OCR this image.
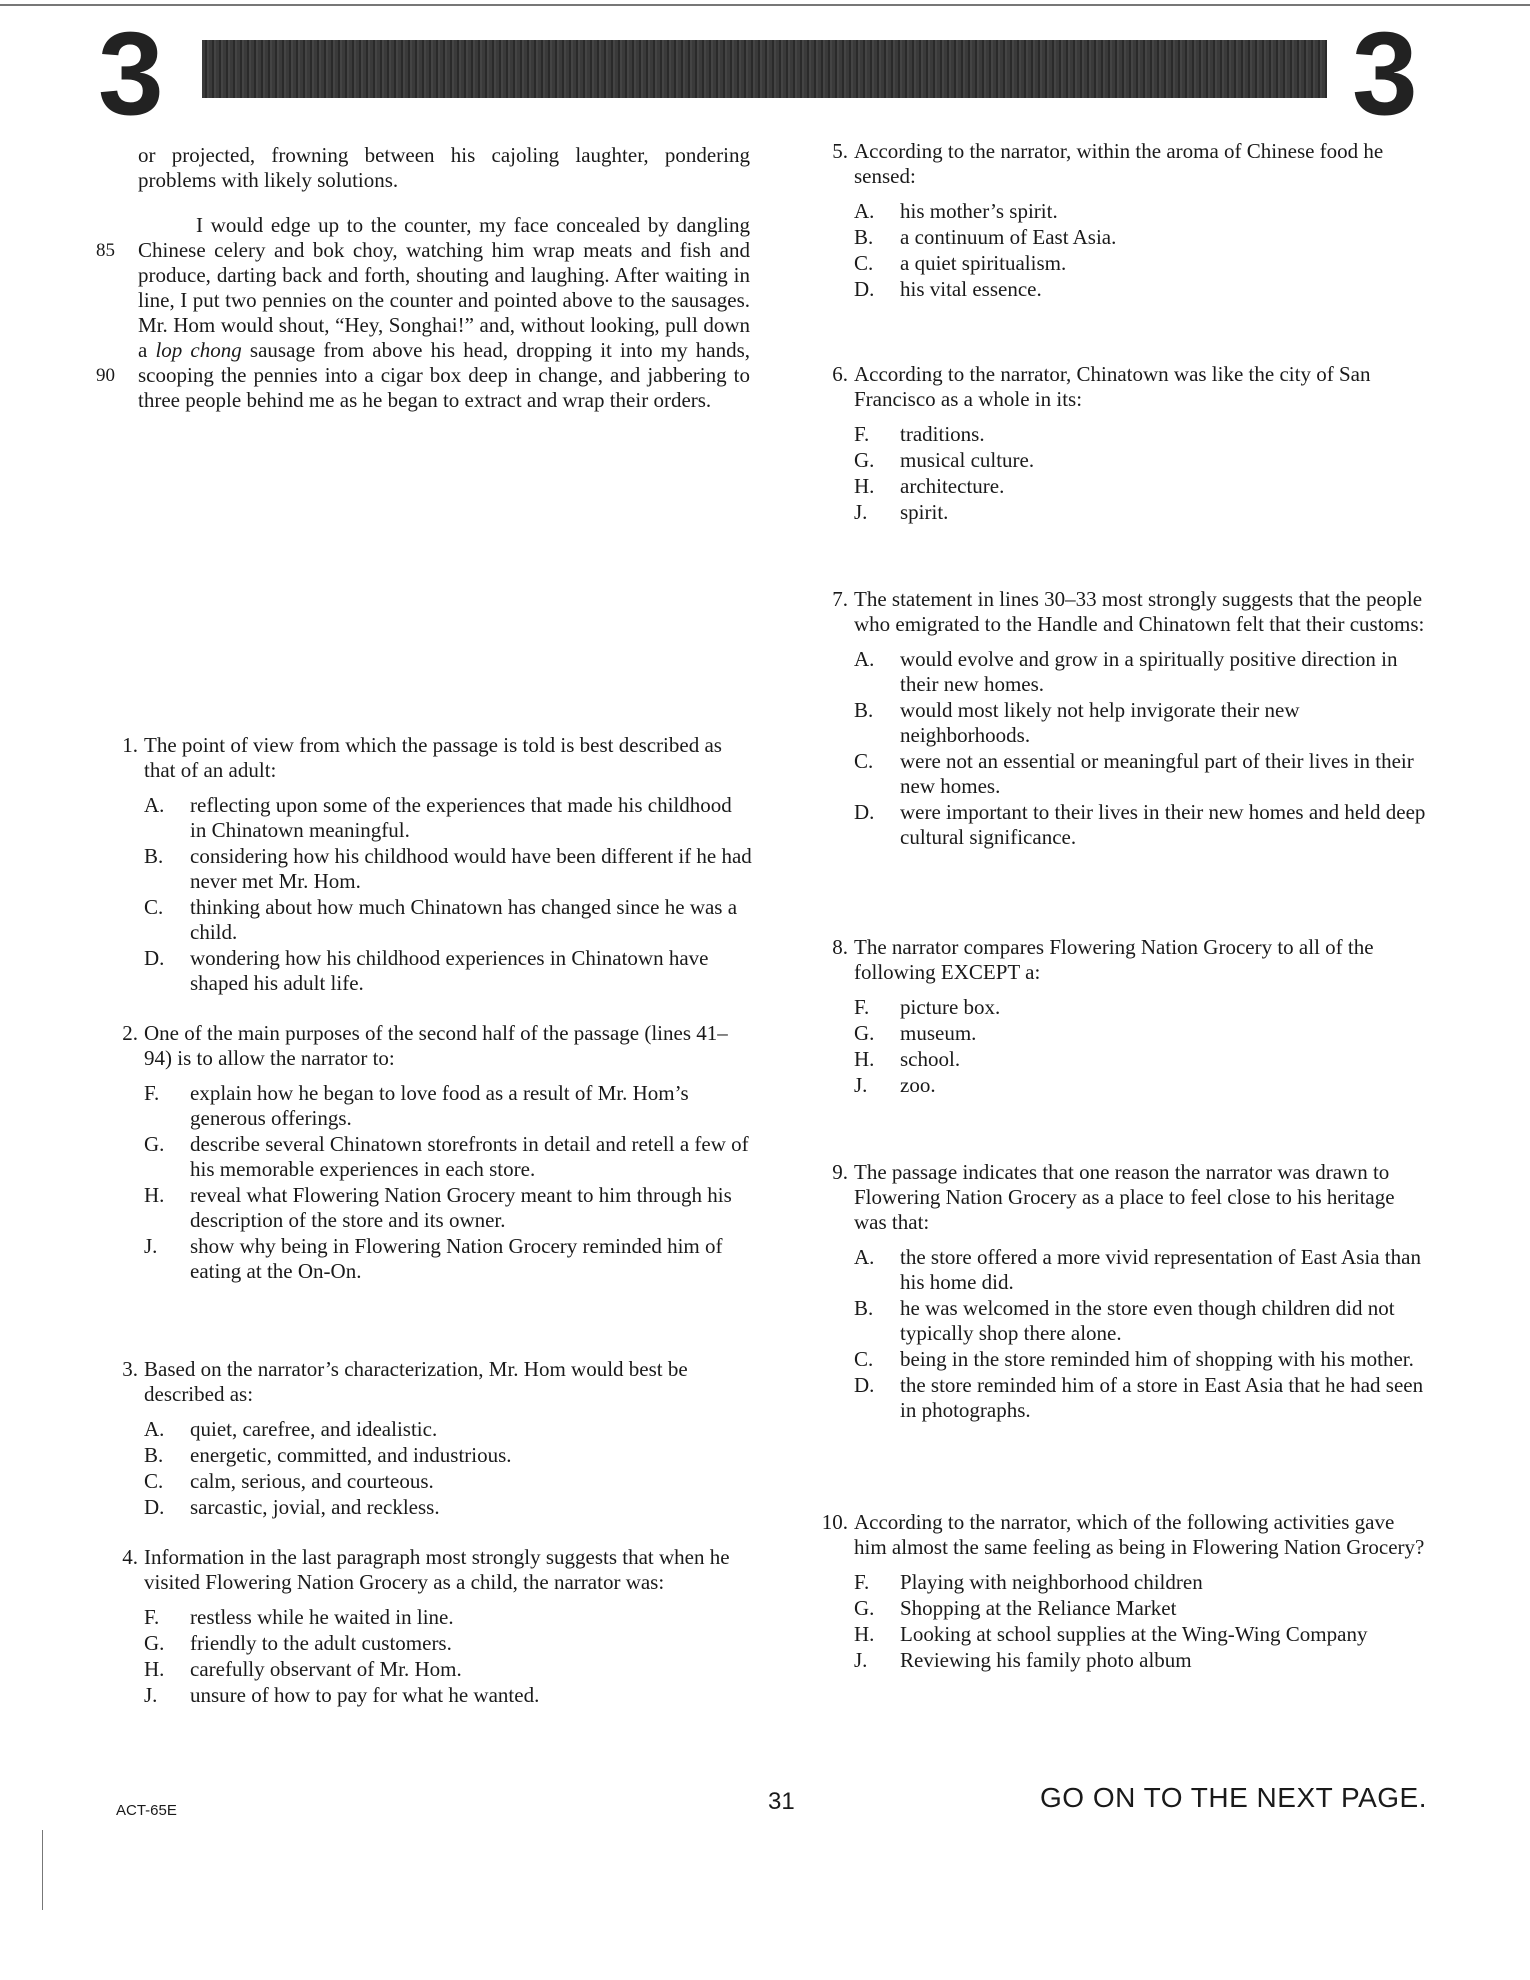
3	3

or projected, frowning between his cajoling laughter, pondering problems with likely solutions.

85
90

I would edge up to the counter, my face concealed by dangling Chinese celery and bok choy, watching him wrap meats and fish and produce, darting back and forth, shouting and laughing. After waiting in line, I put two pennies on the counter and pointed above to the sausages. Mr. Hom would shout, “Hey, Songhai!” and, without looking, pull down a lop chong sausage from above his head, dropping it into my hands, scooping the pennies into a cigar box deep in change, and jabbering to three people behind me as he began to extract and wrap their orders.

1. The point of view from which the passage is told is best described as that of an adult:
A.	reflecting upon some of the experiences that made his childhood in Chinatown meaningful.
B.	considering how his childhood would have been different if he had never met Mr. Hom.
C.	thinking about how much Chinatown has changed since he was a child.
D.	wondering how his childhood experiences in Chinatown have shaped his adult life.
2. One of the main purposes of the second half of the passage (lines 41–94) is to allow the narrator to:
F.	explain how he began to love food as a result of Mr. Hom’s generous offerings.
G.	describe several Chinatown storefronts in detail and retell a few of his memorable experiences in each store.
H.	reveal what Flowering Nation Grocery meant to him through his description of the store and its owner.
J.	show why being in Flowering Nation Grocery reminded him of eating at the On-On.
3. Based on the narrator’s characterization, Mr. Hom would best be described as:
A.	quiet, carefree, and idealistic.
B.	energetic, committed, and industrious.
C.	calm, serious, and courteous.
D.	sarcastic, jovial, and reckless.
4. Information in the last paragraph most strongly suggests that when he visited Flowering Nation Grocery as a child, the narrator was:
F.	restless while he waited in line.
G.	friendly to the adult customers.
H.	carefully observant of Mr. Hom.
J.	unsure of how to pay for what he wanted.
5. According to the narrator, within the aroma of Chinese food he sensed:
A.	his mother’s spirit.
B.	a continuum of East Asia.
C.	a quiet spiritualism.
D.	his vital essence.
6. According to the narrator, Chinatown was like the city of San Francisco as a whole in its:
F.	traditions.
G.	musical culture.
H.	architecture.
J.	spirit.
7. The statement in lines 30–33 most strongly suggests that the people who emigrated to the Handle and Chinatown felt that their customs:
A.	would evolve and grow in a spiritually positive direction in their new homes.
B.	would most likely not help invigorate their new neighborhoods.
C.	were not an essential or meaningful part of their lives in their new homes.
D.	were important to their lives in their new homes and held deep cultural significance.
8. The narrator compares Flowering Nation Grocery to all of the following EXCEPT a:
F.	picture box.
G.	museum.
H.	school.
J.	zoo.
9. The passage indicates that one reason the narrator was drawn to Flowering Nation Grocery as a place to feel close to his heritage was that:
A.	the store offered a more vivid representation of East Asia than his home did.
B.	he was welcomed in the store even though children did not typically shop there alone.
C.	being in the store reminded him of shopping with his mother.
D.	the store reminded him of a store in East Asia that he had seen in photographs.
10. According to the narrator, which of the following activities gave him almost the same feeling as being in Flowering Nation Grocery?
F.	Playing with neighborhood children
G.	Shopping at the Reliance Market
H.	Looking at school supplies at the Wing-Wing Company
J.	Reviewing his family photo album
ACT-65E	31	GO ON TO THE NEXT PAGE.
